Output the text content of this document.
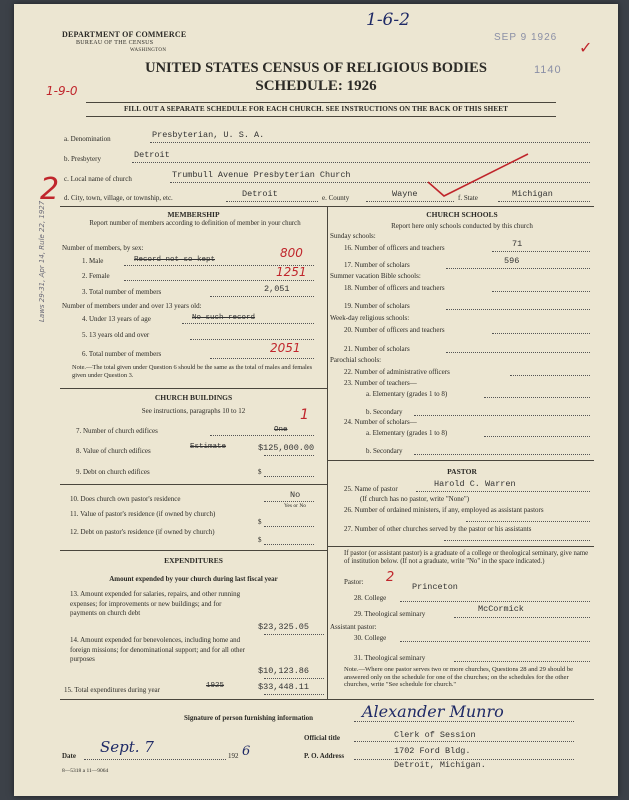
DEPARTMENT OF COMMERCE
BUREAU OF THE CENSUS
WASHINGTON
1-6-2
SEP 9 1926
1140
✓
UNITED STATES CENSUS OF RELIGIOUS BODIES
SCHEDULE: 1926
1-9-0
FILL OUT A SEPARATE SCHEDULE FOR EACH CHURCH. SEE INSTRUCTIONS ON THE BACK OF THIS SHEET
a. Denomination	Presbyterian, U. S. A.
b. Presbytery	Detroit
c. Local name of church	Trumbull Avenue Presbyterian Church
d. City, town, village, or township, etc.	Detroit	e. County	Wayne	f. State	Michigan
MEMBERSHIP
Report number of members according to definition of member in your church
Number of members, by sex:
1. Male	Record not so kept	800
2. Female	1251
3. Total number of members	2,051
Number of members under and over 13 years old:
4. Under 13 years of age	No such record
5. 13 years old and over
6. Total number of members	2051
Note.—The total given under Question 6 should be the same as the total of males and females given under Question 3.
Laws 29-31, Apr 14, Rule 22, 1927
2
CHURCH BUILDINGS
See instructions, paragraphs 10 to 12
7. Number of church edifices	One
1
8. Value of church edifices	Estimate	$125,000.00
9. Debt on church edifices	$
10. Does church own pastor's residence	No
Yes or No
11. Value of pastor's residence (if owned by church)
$
12. Debt on pastor's residence (if owned by church)
$
EXPENDITURES
Amount expended by your church during last fiscal year
13. Amount expended for salaries, repairs, and other running expenses; for improvements or new buildings; and for payments on church debt
$23,325.05
14. Amount expended for benevolences, including home and foreign missions; for denominational support; and for all other purposes
$10,123.86
15. Total expenditures during year	1925	$33,448.11
CHURCH SCHOOLS
Report here only schools conducted by this church
Sunday schools:
16. Number of officers and teachers	71
17. Number of scholars	596
Summer vacation Bible schools:
18. Number of officers and teachers
19. Number of scholars
Week-day religious schools:
20. Number of officers and teachers
21. Number of scholars
Parochial schools:
22. Number of administrative officers
23. Number of teachers—
a. Elementary (grades 1 to 8)
b. Secondary
24. Number of scholars—
a. Elementary (grades 1 to 8)
b. Secondary
PASTOR
25. Name of pastor	Harold C. Warren
(If church has no pastor, write "None")
26. Number of ordained ministers, if any, employed as assistant pastors
27. Number of other churches served by the pastor or his assistants
If pastor (or assistant pastor) is a graduate of a college or theological seminary, give name of institution below. (If not a graduate, write "No" in the space indicated.)
Pastor: 2
28. College
Princeton
29. Theological seminary	McCormick
Assistant pastor:
30. College
31. Theological seminary
Note.—Where one pastor serves two or more churches, Questions 28 and 29 should be answered only on the schedule for one of the churches; on the schedules for the other churches, write "See schedule for church."
Signature of person furnishing information	Alexander Munro
Official title	Clerk of Session
Date Sept. 7	192 6	P. O. Address	1702 Ford Bldg.
Detroit, Michigan.
8—5318 a 11—9064
